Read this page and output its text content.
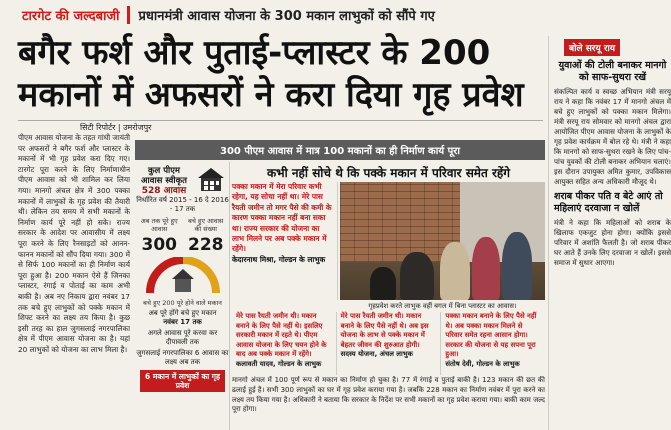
टारगेट की जल्दबाजी प्रधानमंत्री आवास योजना के 300 मकान लाभुकों को सौंपे गए
बगैर फर्श और पुताई-प्लास्टर के 200 मकानों में अफसरों ने करा दिया गृह प्रवेश
सिटी रिपोर्टर | उमरोजपुर
पीएम आवास योजना के तहत गांधी जायंती पर अफसरों ने बगैर फर्श और प्लास्टर के मकानों में भी गृह प्रवेश करा दिए गए। टारगेट पूरा करने के लिए निर्माणाधीन पीएम आवास को भी शामिल कर लिया गया। मानगो अंचल क्षेत्र में 300 पक्का मकानों में लाभुकों के गृह प्रवेश की तैयारी थी। लेकिन तय समय में सभी मकानों के निर्माण कार्य पूरे नहीं हो सके। राज्य सरकार के आदेश पर आवासीय में लक्ष्य पूरा करने के लिए रैनसाइटों को आनन-फानन मकानों को सौंप दिया गया। 300 में से सिर्फ 100 मकानों का ही निर्माण कार्य पूरा हुआ है। 200 मकान ऐसे हैं जिनका प्लास्टर, रंगाई व पोताई का काम अभी बाकी है। अब नए निकाय द्वारा नवंबर 17 तक बचे हुए लाभुकों को पक्के मकान में शिफ्ट करने का लक्ष्य तय किया है। कुछ इसी तरह का हाल जुगसलाई नगरपालिका क्षेत्र में पीएम आवास योजना का है। यहां 20 लाभुकों को योजना का लाभ मिला है।
300 पीएम आवास में मात्र 100 मकानों का ही निर्माण कार्य पूरा
कुल पीएम आवास स्वीकृत
528 आवास
निर्धारित वर्ष 2015 - 16 दे 2016 - 17 तक
अब तक पूरे हुए आवास
बचे हुए आवास की संख्या
300 228
बचे हुए 200 पूरे होने वाले मकान
अब पूरे होंगे बचे हुए मकान
नवंबर 17 तक
अगले आवास पूरे करवा कर दीपावली तक
जुगसलाई नगरपालिका 6 आवास का लक्ष्य अब तक
6 मकान में लाभुकों का गृह प्रवेश
कभी नहीं सोचे थे कि पक्के मकान में परिवार समेत रहेंगे
पक्का मकान में मेरा परिवार कभी रहेगा, यह सोचा नहीं था। मेरे पास रैयती जमीन तो मगर पैसे की कमी के कारण पक्का मकान नहीं बना सका था। राज्य सरकार की योजना का लाभ मिलने पर अब पक्के मकान में रहेंगे।
केदारनाथ मिश्रा, गोल्डन के लाभुक
गृहप्रवेश करते लाभुक वहीं बगल में बिना प्लास्टर का आवास।
मेरे पास रैयती जमीन थी। मकान बनाने के लिए पैसे नहीं थे। इसलिए सरकारी मकान में रहते थे। पीएम आवास योजना के लिए चयन होने के बाद अब पक्के मकान में रहेंगे।
कलावती यादव, गोल्डन के लाभुक
मेरे पास रैयती जमीन थी। मकान बनाने के लिए पैसे नहीं थे। अब इस योजना के लाभ से पक्के मकान में बेहतर जीवन की शुरुआत होगी।
सदस्य योजना, अंचल लाभुक
पक्का मकान बनाने के लिए पैसे नहीं थे। अब पक्का मकान मिलने से परिवार समेत रहना आसान होगा। सरकार की योजना से यह सपना पूरा हुआ।
संतोष देवी, गोल्डन के लाभुक
मानगो अंचल में 100 पूर्ण रूप से मकान का निर्माण हो चुका है। 77 में रंगाई व पुताई बाकी है। 123 मकान की छत की ढलाई हुई है। सभी 300 लाभुकों का घर में गृह प्रवेश कराया गया है। जबकि 228 मकान का निर्माण नवंबर में पूरा करने का लक्ष्य तय किया गया है। अधिकारी ने बताया कि सरकार के निर्देश पर सभी मकानों का गृह प्रवेश कराया गया। बाकी काम जल्द पूरा होगा।
बोले सरयू राय
युवाओं की टोली बनाकर मानगो को साफ-सुथरा रखें
संकल्पित कार्य व स्वच्छ अभियान मंत्री सरयू राय ने कहा कि नवंबर 17 में मानगो अंचल में बचे हुए लाभुकों को पक्का मकान मिलेगा। मंत्री सरयू राय सोमवार को मानगो अंचल द्वारा आयोजित पीएम आवास योजना के लाभुकों के गृह प्रवेश कार्यक्रम में बोल रहे थे। मंत्री ने कहा कि मानगो को साफ-सुथरा रखने के लिए पांच-पांच युवकों की टोली बनाकर अभियान चलाएं। इस दौरान उपायुक्त अमित कुमार, उपविकास आयुक्त सहित अन्य अधिकारी मौजूद थे।
शराब पीकर पति व बेटे आएं तो महिलाएं दरवाजा न खोलें
मंत्री ने कहा कि महिलाओं को शराब के खिलाफ एकजुट होना होगा। क्योंकि इससे परिवार में अशांति फैलती है। जो शराब पीकर घर आते हैं उनके लिए दरवाजा न खोलें। इससे समाज में सुधार आएगा।
